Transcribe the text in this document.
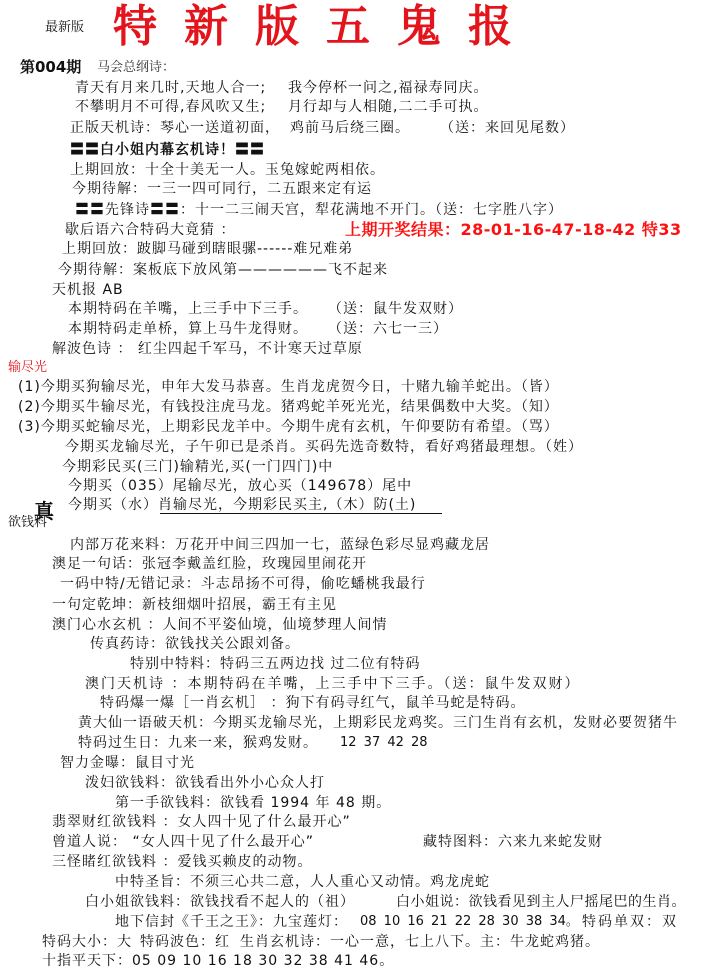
最新版 特新版五鬼报
第004期 马会总纲诗：
青天有月来几时,天地人合一; 我今停杯一问之,福禄寿同庆。
不攀明月不可得,春风吹又生; 月行却与人相随,二二手可执。
正版天机诗：琴心一送道初面， 鸡前马后绕三圈。 （送：来回见尾数）
〓〓白小姐内幕玄机诗！〓〓
上期回放：十全十美无一人。玉兔嫁蛇两相依。
今期待解：一三一四可同行，二五跟来定有运
〓〓先锋诗〓〓：十一二三闹天宫，犁花满地不开门。（送：七字胜八字）
歇后语六合特码大竟猜 ：	上期开奖结果：28-01-16-47-18-42 特33
上期回放：跛脚马碰到瞎眼骡------难兄难弟
今期待解：案板底下放风第——————飞不起来
天机报 AB
本期特码在羊嘴，上三手中下三手。 （送：鼠牛发双财）
本期特码走单桥，算上马牛龙得财。 （送：六七一三）
解波色诗 ： 红尘四起千军马，不计寒天过草原
输尽光
(1)今期买狗输尽光，申年大发马恭喜。生肖龙虎贺今日，十赌九输羊蛇出。（皆）
(2)今期买牛输尽光，有钱投注虎马龙。猪鸡蛇羊死光光，结果偶数中大奖。（知）
(3)今期买蛇输尽光，上期彩民龙羊中。今期牛虎有玄机，午仰要防有希望。（骂）
今期买龙输尽光，子午卯已是杀肖。买码先选奇数特，看好鸡猪最理想。（姓）
今期彩民买(三门)输精光,买(一门四门)中
今期买（035）尾输尽光，放心买（149678）尾中
今期买（水）肖输尽光，今期彩民买主,（木）防(土)
真
欲钱料
内部万花来料：万花开中间三四加一七，蓝绿色彩尽显鸡藏龙居
澳足一句话：张冠李戴盖红脸，玫瑰园里闹花开
一码中特/无错记录：斗志昂扬不可得，偷吃蟠桃我最行
一句定乾坤：新枝细烟叶招展，霸王有主见
澳门心水玄机 ：人间不平姿仙境，仙境梦理人间情
传真药诗：欲钱找关公跟刘备。
特别中特料：特码三五两边找 过二位有特码
澳门天机诗 ：本期特码在羊嘴，上三手中下三手。（送：鼠牛发双财）
特码爆一爆［一肖玄机］ ：狗下有码寻红气，鼠羊马蛇是特码。
黄大仙一语破天机：今期买龙输尽光，上期彩民龙鸡奖。三门生肖有玄机，发财必要贺猪牛
特码过生日：九来一来，猴鸡发财。 12 37 42 28
智力金曝：鼠目寸光
泼妇欲钱料：欲钱看出外小心众人打
第一手欲钱料：欲钱看 1994 年 48 期。
翡翠财红欲钱料 ：女人四十见了什么最开心”
曾道人说： “女人四十见了什么最开心”	藏特图料：六来九来蛇发财
三怪睹红欲钱料 ：爱钱买赖皮的动物。
中特圣旨：不须三心共二意，人人重心又动情。鸡龙虎蛇
白小姐欲钱料：欲钱找看不起人的（祖）	白小姐说：欲钱看见到主人尸摇尾巴的生肖。
地下信封《千王之王》：九宝莲灯： 08 10 16 21 22 28 30 38 34。 特码单双：双
特码大小：大 特码波色：红 生肖玄机诗：一心一意，七上八下。主：牛龙蛇鸡猪。
十指平天下：05 09 10 16 18 30 32 38 41 46。
